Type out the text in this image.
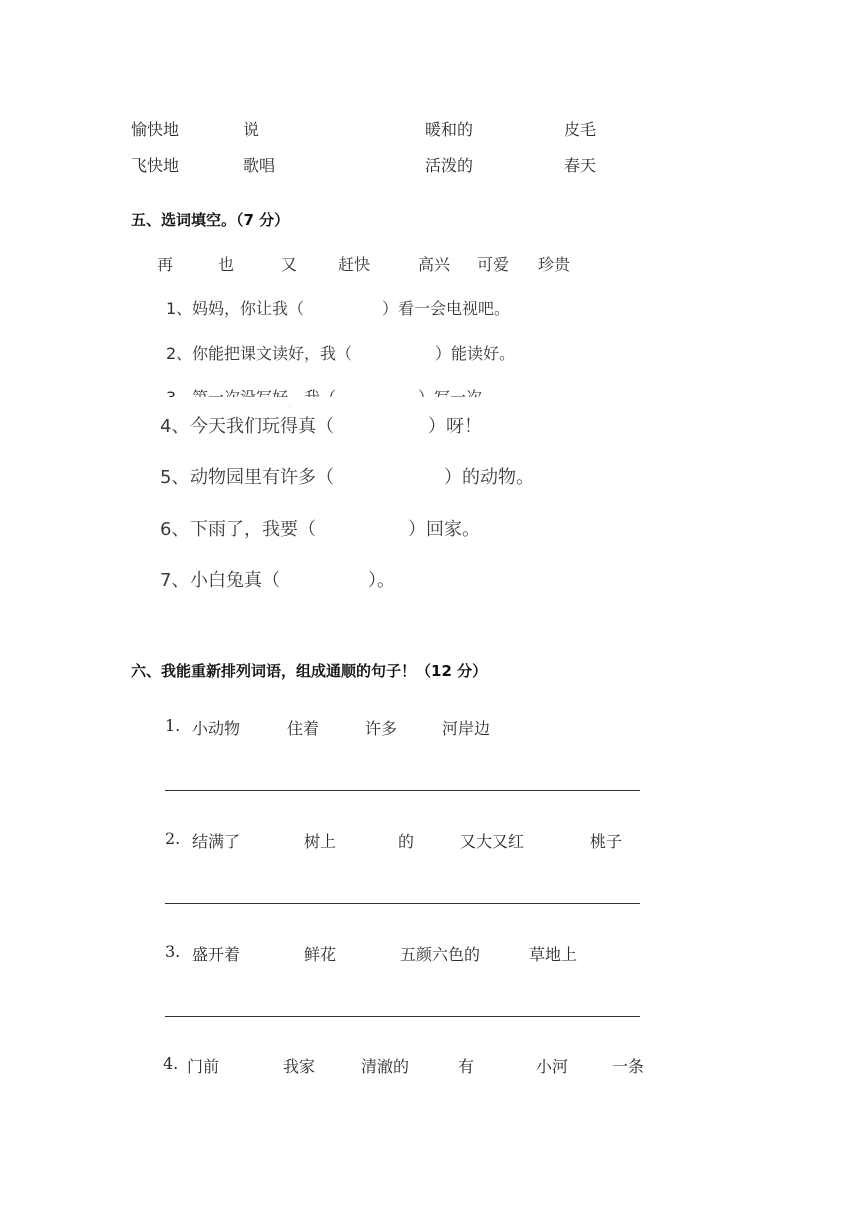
愉快地	说	暖和的	皮毛
飞快地	歌唱	活泼的	春天
五、选词填空。（7 分）
再	也	又	赶快	高兴 可爱 珍贵
1、 妈妈，你让我（	）看一会电视吧。
2、 你能把课文读好，我（	）能读好。
4、 今天我们玩得真（	）呀！
5、 动物园里有许多（	）的动物。
6、 下雨了，我要（	）回家。
7、 小白兔真（	）。
六、我能重新排列词语，组成通顺的句子！（12 分）
1. 小动物	住着	许多	河岸边
2. 结满了	树上	的	又大又红	桃子
3. 盛开着	鲜花	五颜六色的	草地上
4. 门前	我家	清澈的	有	小河	一条
